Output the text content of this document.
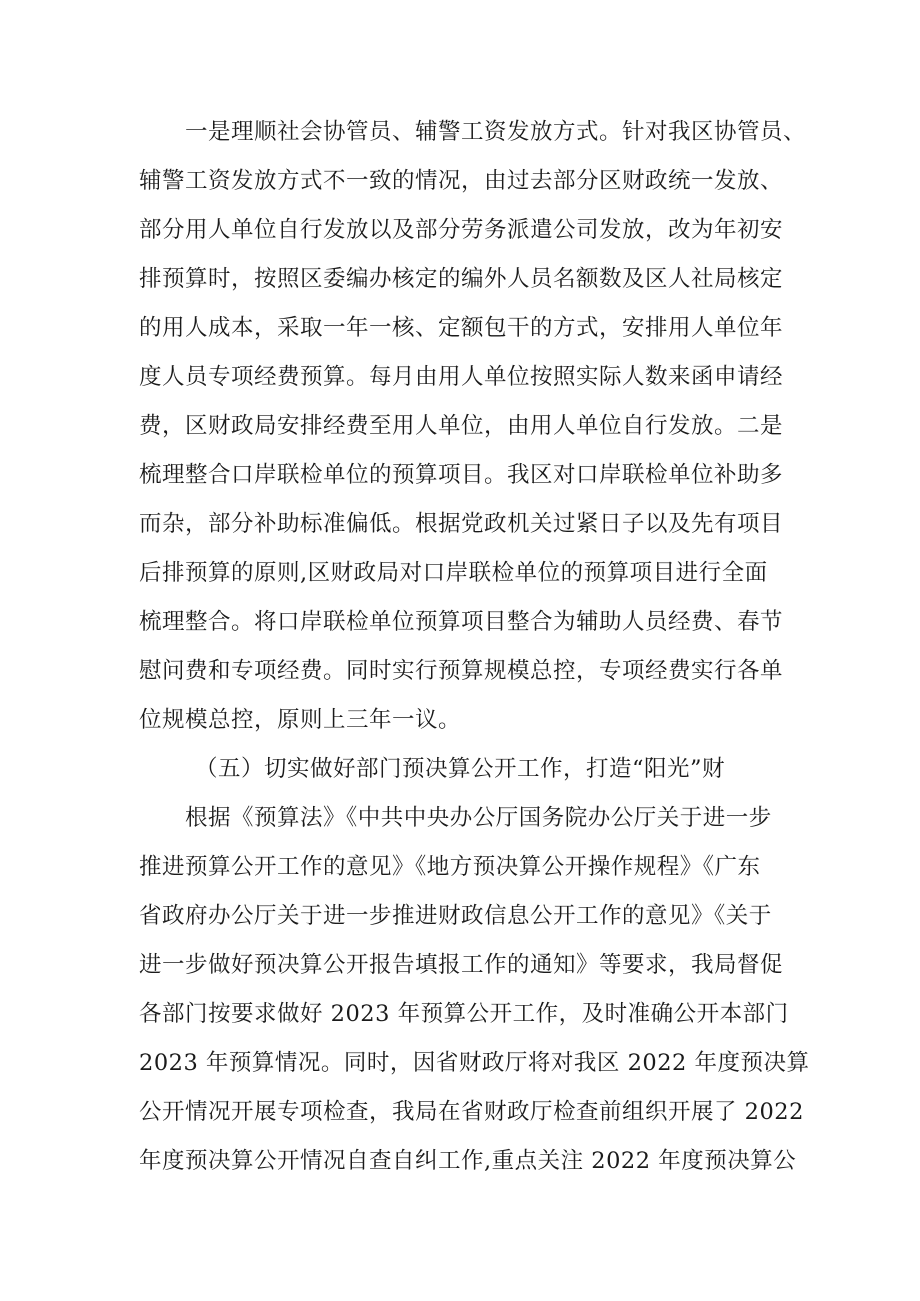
一是理顺社会协管员、辅警工资发放方式。针对我区协管员、
辅警工资发放方式不一致的情况，由过去部分区财政统一发放、
部分用人单位自行发放以及部分劳务派遣公司发放，改为年初安
排预算时，按照区委编办核定的编外人员名额数及区人社局核定
的用人成本，采取一年一核、定额包干的方式，安排用人单位年
度人员专项经费预算。每月由用人单位按照实际人数来函申请经
费，区财政局安排经费至用人单位，由用人单位自行发放。二是
梳理整合口岸联检单位的预算项目。我区对口岸联检单位补助多
而杂，部分补助标准偏低。根据党政机关过紧日子以及先有项目
后排预算的原则,区财政局对口岸联检单位的预算项目进行全面
梳理整合。将口岸联检单位预算项目整合为辅助人员经费、春节
慰问费和专项经费。同时实行预算规模总控，专项经费实行各单
位规模总控，原则上三年一议。
（五）切实做好部门预决算公开工作，打造“阳光”财
根据《预算法》《中共中央办公厅国务院办公厅关于进一步
推进预算公开工作的意见》《地方预决算公开操作规程》《广东
省政府办公厅关于进一步推进财政信息公开工作的意见》《关于
进一步做好预决算公开报告填报工作的通知》等要求，我局督促
各部门按要求做好 2023 年预算公开工作，及时准确公开本部门
2023 年预算情况。同时，因省财政厅将对我区 2022 年度预决算
公开情况开展专项检查，我局在省财政厅检查前组织开展了 2022
年度预决算公开情况自查自纠工作,重点关注 2022 年度预决算公
